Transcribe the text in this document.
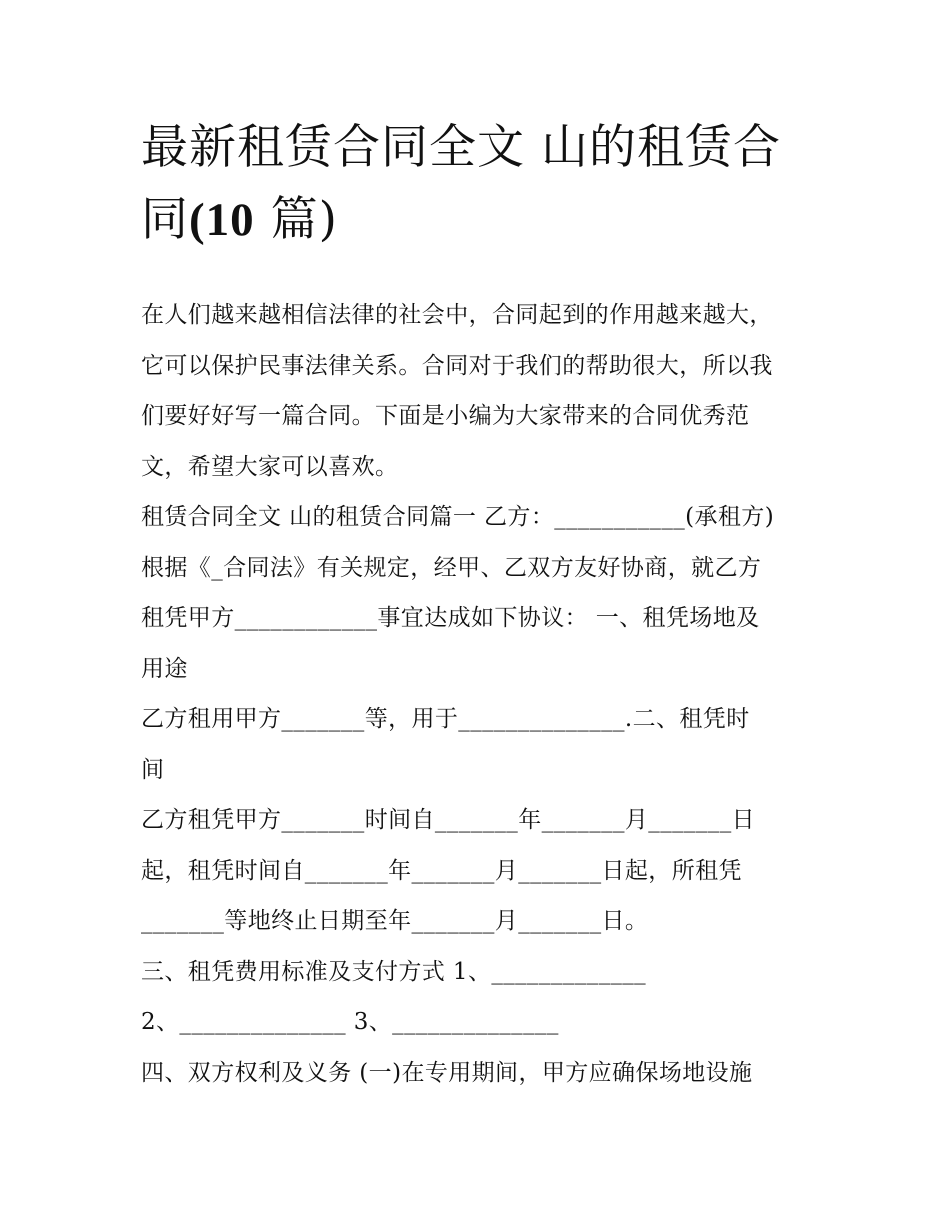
最新租赁合同全文 山的租赁合
同(10 篇)

在人们越来越相信法律的社会中，合同起到的作用越来越大，

它可以保护民事法律关系。合同对于我们的帮助很大，所以我

们要好好写一篇合同。下面是小编为大家带来的合同优秀范

文，希望大家可以喜欢。

租赁合同全文 山的租赁合同篇一 乙方：___________(承租方)

根据《_合同法》有关规定，经甲、乙双方友好协商，就乙方

租凭甲方____________事宜达成如下协议： 一、租凭场地及

用途

乙方租用甲方_______等，用于______________.二、租凭时

间

乙方租凭甲方_______时间自_______年_______月_______日

起，租凭时间自_______年_______月_______日起，所租凭

_______等地终止日期至年_______月_______日。

三、租凭费用标准及支付方式 1、_____________

2、______________ 3、______________

四、双方权利及义务 (一)在专用期间，甲方应确保场地设施
